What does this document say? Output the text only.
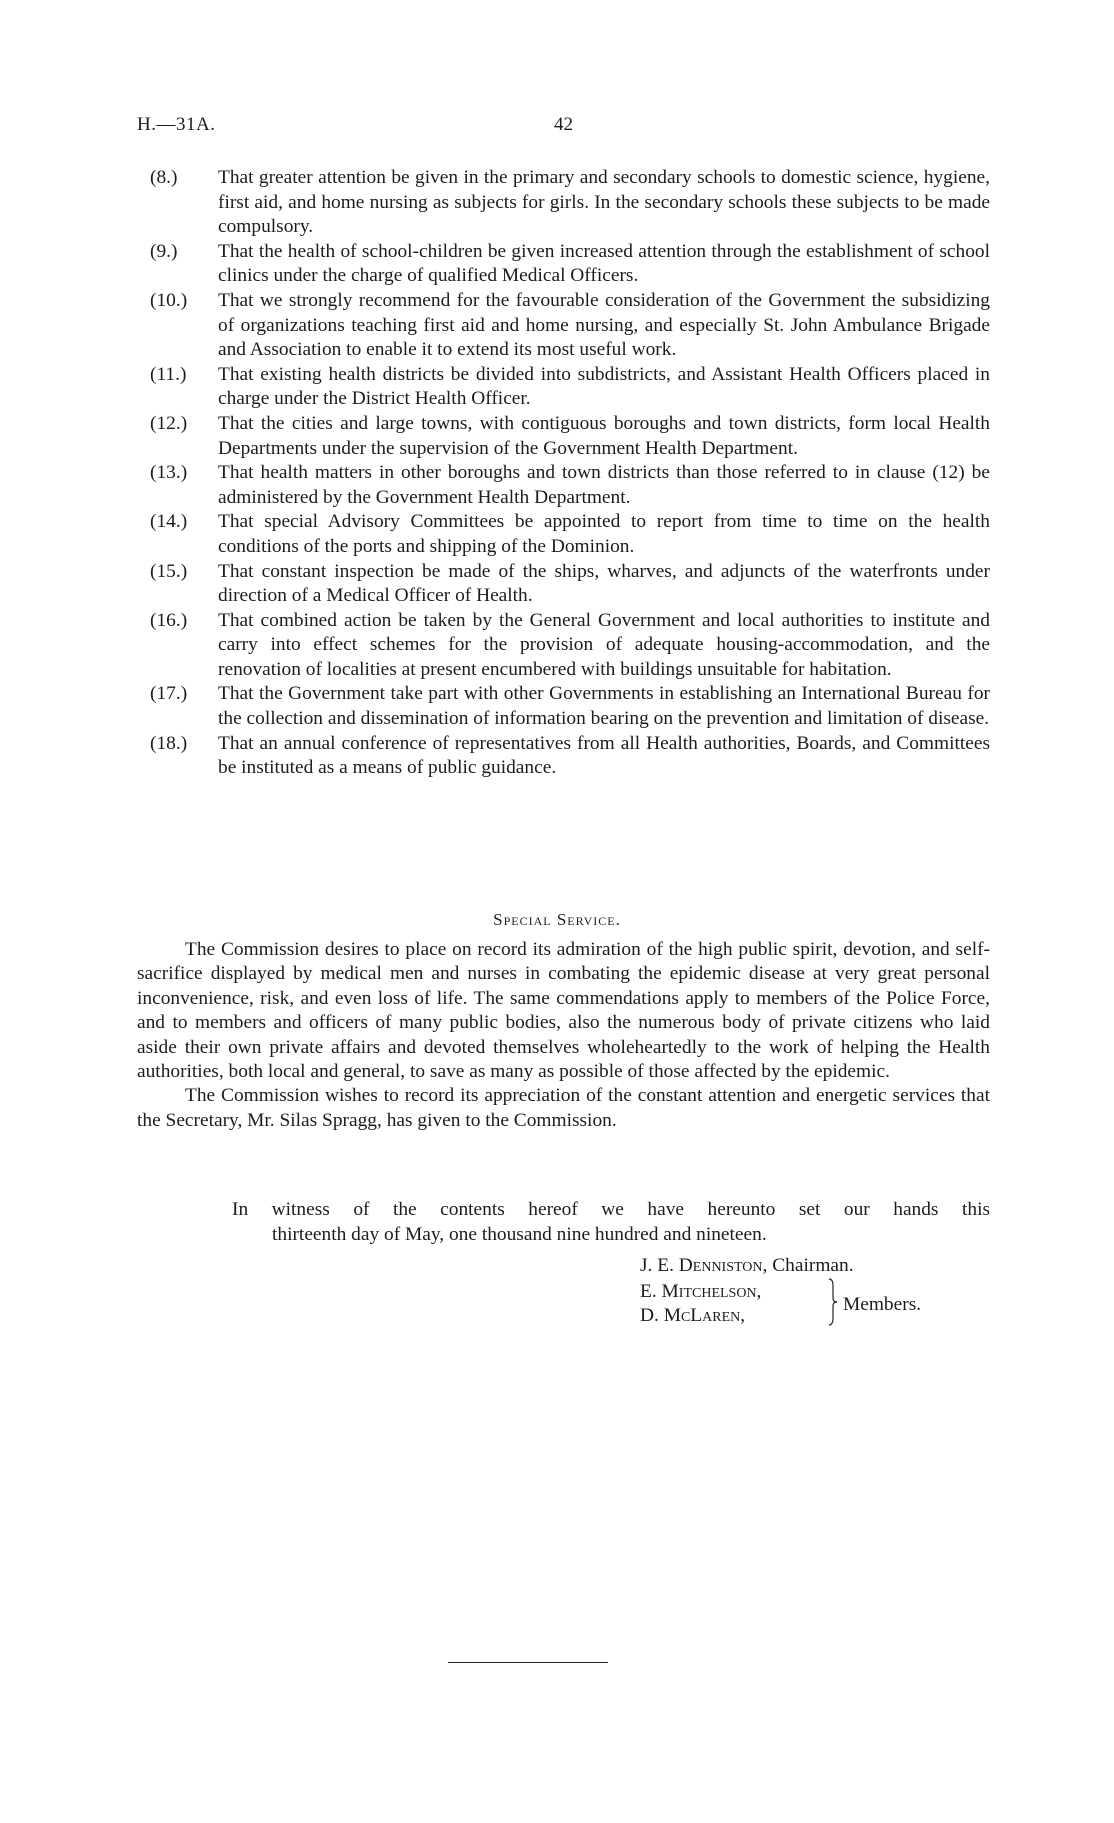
H.—31A.	42
(8.)	That greater attention be given in the primary and secondary schools to domestic science, hygiene, first aid, and home nursing as subjects for girls. In the secondary schools these subjects to be made compulsory.
(9.)	That the health of school-children be given increased attention through the establishment of school clinics under the charge of qualified Medical Officers.
(10.)	That we strongly recommend for the favourable consideration of the Government the subsidizing of organizations teaching first aid and home nursing, and especially St. John Ambulance Brigade and Association to enable it to extend its most useful work.
(11.)	That existing health districts be divided into subdistricts, and Assistant Health Officers placed in charge under the District Health Officer.
(12.)	That the cities and large towns, with contiguous boroughs and town districts, form local Health Departments under the supervision of the Government Health Department.
(13.)	That health matters in other boroughs and town districts than those referred to in clause (12) be administered by the Government Health Department.
(14.)	That special Advisory Committees be appointed to report from time to time on the health conditions of the ports and shipping of the Dominion.
(15.)	That constant inspection be made of the ships, wharves, and adjuncts of the waterfronts under direction of a Medical Officer of Health.
(16.)	That combined action be taken by the General Government and local authorities to institute and carry into effect schemes for the provision of adequate housing-accommodation, and the renovation of localities at present encumbered with buildings unsuitable for habitation.
(17.)	That the Government take part with other Governments in establishing an International Bureau for the collection and dissemination of information bearing on the prevention and limitation of disease.
(18.)	That an annual conference of representatives from all Health authorities, Boards, and Committees be instituted as a means of public guidance.
Special Service.

The Commission desires to place on record its admiration of the high public spirit, devotion, and self-sacrifice displayed by medical men and nurses in combating the epidemic disease at very great personal inconvenience, risk, and even loss of life. The same commendations apply to members of the Police Force, and to members and officers of many public bodies, also the numerous body of private citizens who laid aside their own private affairs and devoted themselves wholeheartedly to the work of helping the Health authorities, both local and general, to save as many as possible of those affected by the epidemic.

The Commission wishes to record its appreciation of the constant attention and energetic services that the Secretary, Mr. Silas Spragg, has given to the Commission.

In witness of the contents hereof we have hereunto set our hands this
thirteenth day of May, one thousand nine hundred and nineteen.
J. E. Denniston, Chairman.
E. Mitchelson,
D. McLaren,
Members.
